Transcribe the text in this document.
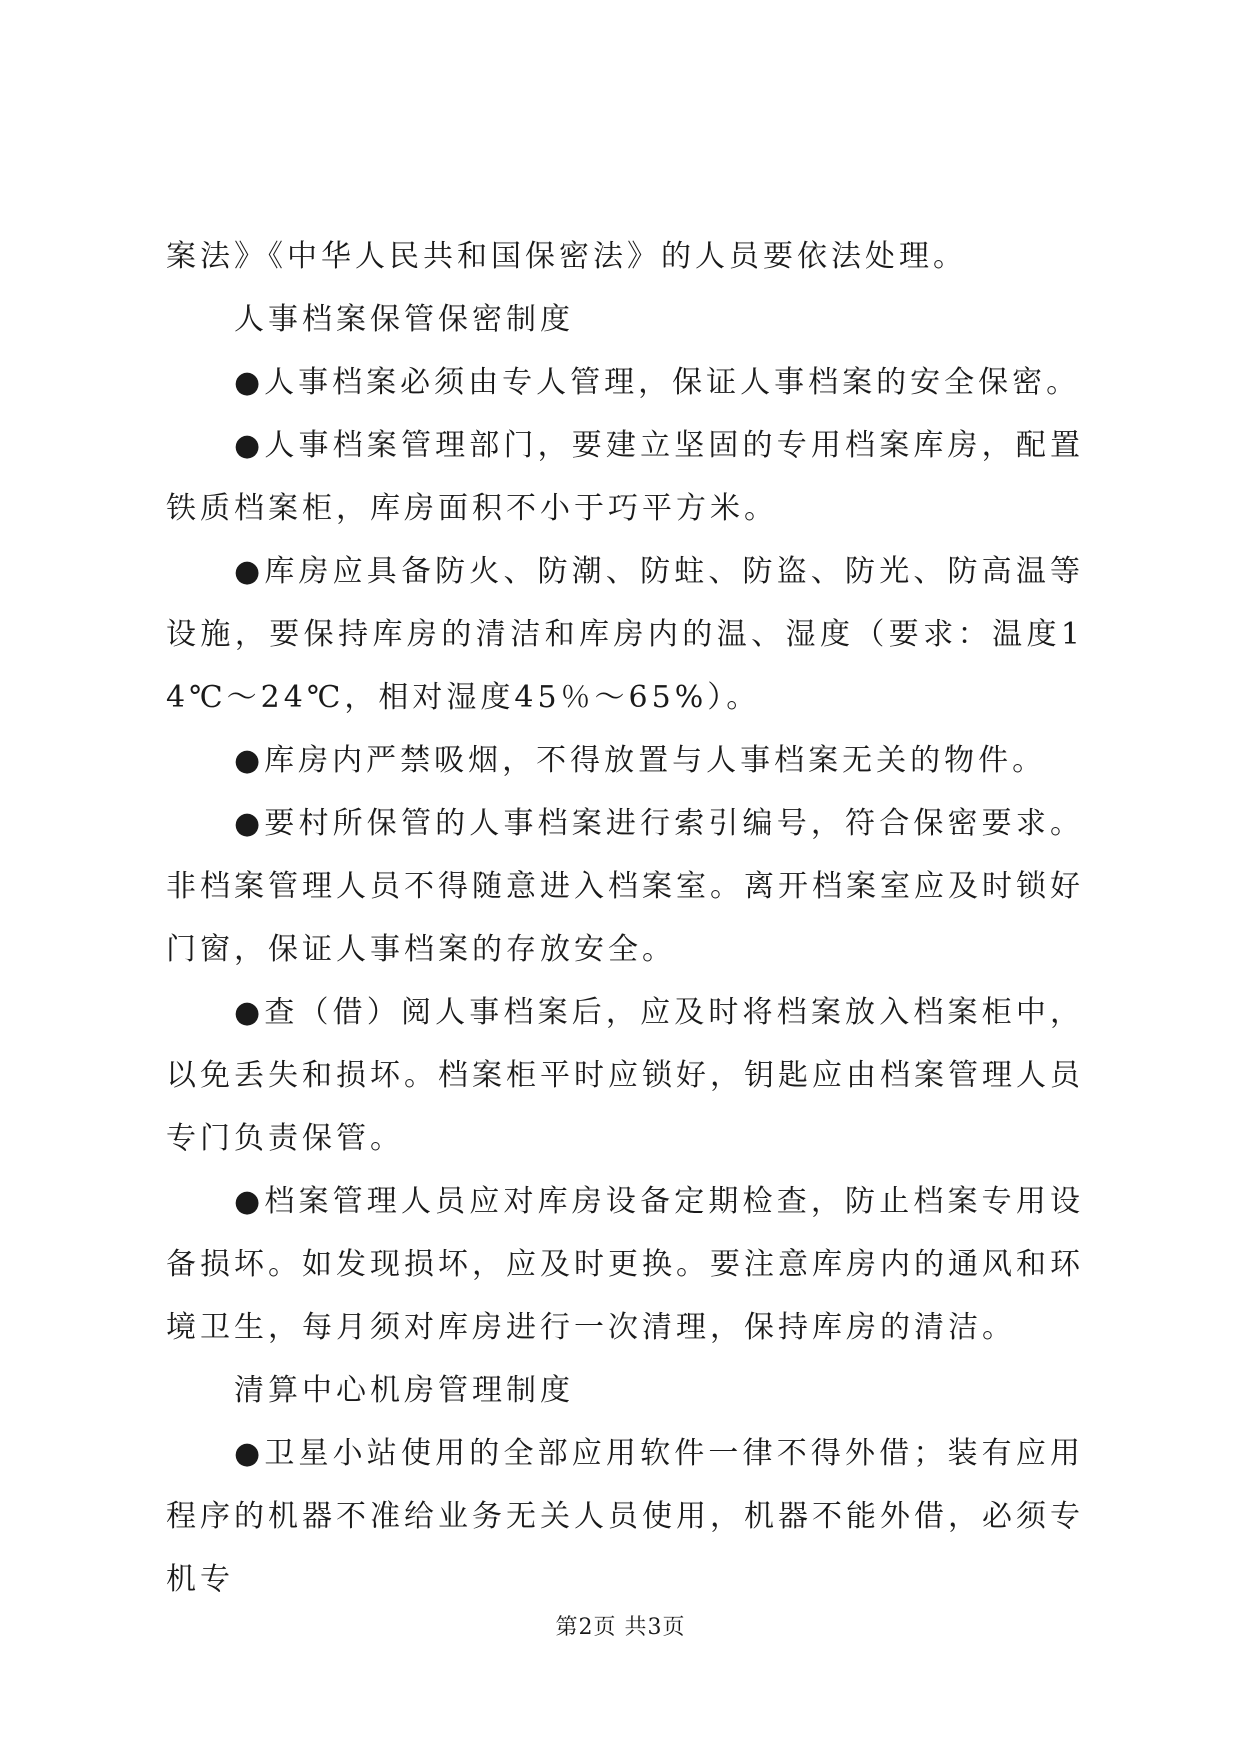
案法》《中华人民共和国保密法》的人员要依法处理。

人事档案保管保密制度

●人事档案必须由专人管理，保证人事档案的安全保密。

●人事档案管理部门，要建立坚固的专用档案库房，配置铁质档案柜，库房面积不小于巧平方米。

●库房应具备防火、防潮、防蛀、防盗、防光、防高温等设施，要保持库房的清洁和库房内的温、湿度（要求：温度14℃～24℃，相对湿度45％～65%）。

●库房内严禁吸烟，不得放置与人事档案无关的物件。

●要村所保管的人事档案进行索引编号，符合保密要求。非档案管理人员不得随意进入档案室。离开档案室应及时锁好门窗，保证人事档案的存放安全。

●查（借）阅人事档案后，应及时将档案放入档案柜中，以免丢失和损坏。档案柜平时应锁好，钥匙应由档案管理人员专门负责保管。

●档案管理人员应对库房设备定期检查，防止档案专用设备损坏。如发现损坏，应及时更换。要注意库房内的通风和环境卫生，每月须对库房进行一次清理，保持库房的清洁。

清算中心机房管理制度

●卫星小站使用的全部应用软件一律不得外借；装有应用程序的机器不准给业务无关人员使用，机器不能外借，必须专机专

第2页 共3页
